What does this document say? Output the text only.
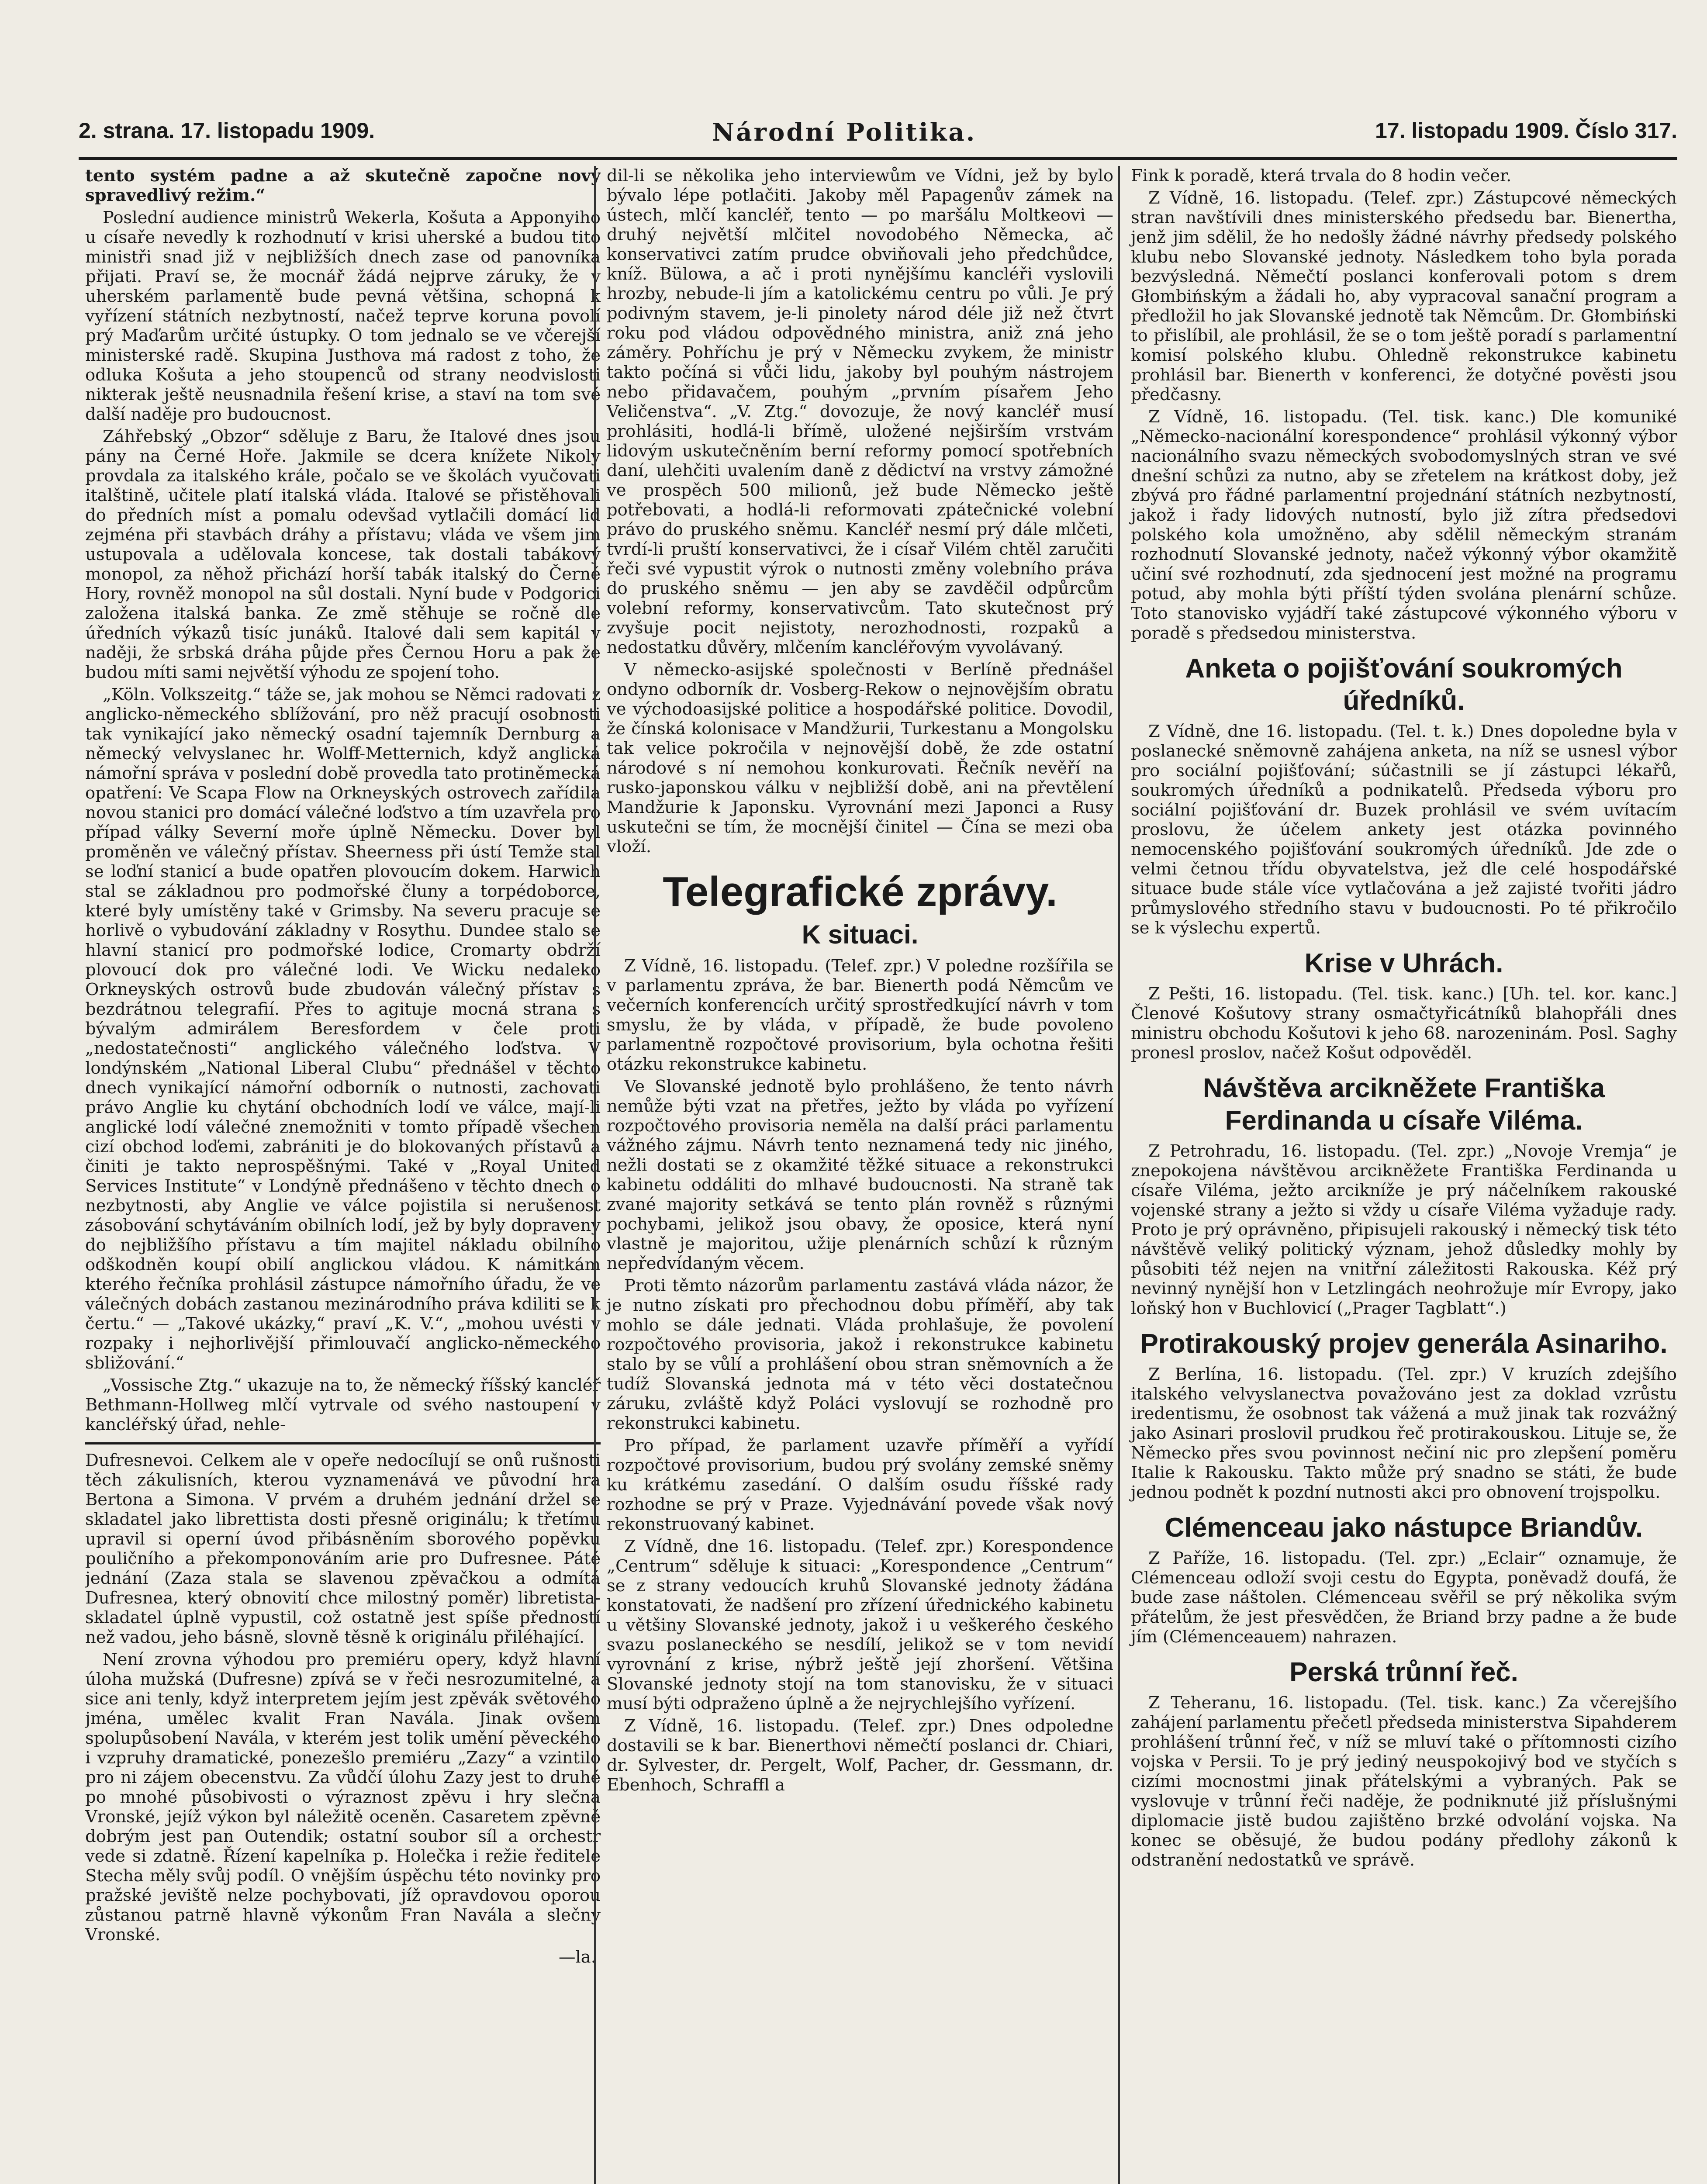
2. strana. 17. listopadu 1909.	Národní Politika.	17. listopadu 1909. Číslo 317.

tento systém padne a až skutečně započne nový spravedlivý režim.“

Poslední audience ministrů Wekerla, Košuta a Apponyiho u císaře nevedly k rozhodnutí v krisi uherské a budou tito ministři snad již v nejbližších dnech zase od panovníka přijati. Praví se, že mocnář žádá nejprve záruky, že v uherském parlamentě bude pevná většina, schopná k vyřízení státních nezbytností, načež teprve koruna povolí prý Maďarům určité ústupky. O tom jednalo se ve včerejší ministerské radě. Skupina Justhova má radost z toho, že odluka Košuta a jeho stoupenců od strany neodvislosti nikterak ještě neusnadnila řešení krise, a staví na tom své další naděje pro budoucnost.

Záhřebský „Obzor“ sděluje z Baru, že Italové dnes jsou pány na Černé Hoře. Jakmile se dcera knížete Nikoly provdala za italského krále, počalo se ve školách vyučovati italštině, učitele platí italská vláda. Italové se přistěhovali do předních míst a pomalu odevšad vytlačili domácí lid zejména při stavbách dráhy a přístavu; vláda ve všem jim ustupovala a udělovala koncese, tak dostali tabákový monopol, za něhož přichází horší tabák italský do Černé Hory, rovněž monopol na sůl dostali. Nyní bude v Podgorici založena italská banka. Ze změ stěhuje se ročně dle úředních výkazů tisíc junáků. Italové dali sem kapitál v naději, že srbská dráha půjde přes Černou Horu a pak že budou míti sami největší výhodu ze spojení toho.

„Köln. Volkszeitg.“ táže se, jak mohou se Němci radovati z anglicko-německého sblížování, pro něž pracují osobnosti tak vynikající jako německý osadní tajemník Dernburg a německý velvyslanec hr. Wolff-Metternich, když anglická námořní správa v poslední době provedla tato protiněmecká opatření: Ve Scapa Flow na Orkneyských ostrovech zařídila novou stanici pro domácí válečné loďstvo a tím uzavřela pro případ války Severní moře úplně Německu. Dover byl proměněn ve válečný přístav. Sheerness při ústí Temže stal se loďní stanicí a bude opatřen plovoucím dokem. Harwich stal se základnou pro podmořské čluny a torpédoborce, které byly umístěny také v Grimsby. Na severu pracuje se horlivě o vybudování základny v Rosythu. Dundee stalo se hlavní stanicí pro podmořské lodice, Cromarty obdrží plovoucí dok pro válečné lodi. Ve Wicku nedaleko Orkneyských ostrovů bude zbudován válečný přístav s bezdrátnou telegrafií. Přes to agituje mocná strana s bývalým admirálem Beresfordem v čele proti „nedostatečnosti“ anglického válečného loďstva. V londýnském „National Liberal Clubu“ přednášel v těchto dnech vynikající námořní odborník o nutnosti, zachovati právo Anglie ku chytání obchodních lodí ve válce, mají-li anglické lodí válečné znemožniti v tomto případě všechen cizí obchod loďemi, zabrániti je do blokovaných přístavů a činiti je takto neprospěšnými. Také v „Royal United Services Institute“ v Londýně přednášeno v těchto dnech o nezbytnosti, aby Anglie ve válce pojistila si nerušenost zásobování schytáváním obilních lodí, jež by byly dopraveny do nejbližšího přístavu a tím majitel nákladu obilního odškodněn koupí obilí anglickou vládou. K námitkám kterého řečníka prohlásil zástupce námořního úřadu, že ve válečných dobách zastanou mezinárodního práva kdiliti se k čertu.“ — „Takové ukázky,“ praví „K. V.“, „mohou uvésti v rozpaky i nejhorlivější přimlouvačí anglicko-německého sbližování.“

„Vossische Ztg.“ ukazuje na to, že německý říšský kancléř Bethmann-Hollweg mlčí vytrvale od svého nastoupení v kancléřský úřad, nehle-

Dufresnevoi. Celkem ale v opeře nedocílují se onů rušnosti těch zákulisních, kterou vyznamenává ve původní hra Bertona a Simona. V prvém a druhém jednání držel se skladatel jako librettista dosti přesně originálu; k třetímu upravil si operní úvod přibásněním sborového popěvku pouličního a překomponováním arie pro Dufresnee. Páté jednání (Zaza stala se slavenou zpěvačkou a odmítá Dufresnea, který obnovití chce milostný poměr) libretista-skladatel úplně vypustil, což ostatně jest spíše předností než vadou, jeho básně, slovně těsně k originálu přiléhající.

Není zrovna výhodou pro premiéru opery, když hlavní úloha mužská (Dufresne) zpívá se v řeči nesrozumitelné, a sice ani tenly, když interpretem jejím jest zpěvák světového jména, umělec kvalit Fran Navála. Jinak ovšem spolupůsobení Navála, v kterém jest tolik umění pěveckého i vzpruhy dramatické, ponezešlo premiéru „Zazy“ a vzintilo pro ni zájem obecenstvu. Za vůdčí úlohu Zazy jest to druhé po mnohé působivosti o výraznost zpěvu i hry slečna Vronské, jejíž výkon byl náležitě oceněn. Casaretem zpěvně dobrým jest pan Outendik; ostatní soubor síl a orchestr vede si zdatně. Řízení kapelníka p. Holečka i režie ředitele Stecha měly svůj podíl. O vnějším úspěchu této novinky pro pražské jeviště nelze pochybovati, jíž opravdovou oporou zůstanou patrně hlavně výkonům Fran Navála a slečny Vronské.

—la.

dil-li se několika jeho interviewům ve Vídni, jež by bylo bývalo lépe potlačiti. Jakoby měl Papagenův zámek na ústech, mlčí kancléř, tento — po maršálu Moltkeovi — druhý největší mlčitel novodobého Německa, ač konservativci zatím prudce obviňovali jeho předchůdce, kníž. Bülowa, a ač i proti nynějšímu kancléři vyslovili hrozby, nebude-li jím a katolickému centru po vůli. Je prý podivným stavem, je-li pinolety národ déle již než čtvrt roku pod vládou odpovědného ministra, aniž zná jeho záměry. Pohříchu je prý v Německu zvykem, že ministr takto počíná si vůči lidu, jakoby byl pouhým nástrojem nebo přidavačem, pouhým „prvním písařem Jeho Veličenstva“. „V. Ztg.“ dovozuje, že nový kancléř musí prohlásiti, hodlá-li břímě, uložené nejširším vrstvám lidovým uskutečněním berní reformy pomocí spotřebních daní, ulehčiti uvalením daně z dědictví na vrstvy zámožné ve prospěch 500 milionů, jež bude Německo ještě potřebovati, a hodlá-li reformovati zpátečnické volební právo do pruského sněmu. Kancléř nesmí prý dále mlčeti, tvrdí-li pruští konservativci, že i císař Vilém chtěl zaručiti řeči své vypustit výrok o nutnosti změny volebního práva do pruského sněmu — jen aby se zavděčil odpůrcům volební reformy, konservativcům. Tato skutečnost prý zvyšuje pocit nejistoty, nerozhodnosti, rozpaků a nedostatku důvěry, mlčením kancléřovým vyvolávaný.

V německo-asijské společnosti v Berlíně přednášel ondyno odborník dr. Vosberg-Rekow o nejnovějším obratu ve východoasijské politice a hospodářské politice. Dovodil, že čínská kolonisace v Mandžurii, Turkestanu a Mongolsku tak velice pokročila v nejnovější době, že zde ostatní národové s ní nemohou konkurovati. Řečník nevěří na rusko-japonskou válku v nejbližší době, ani na převtělení Mandžurie k Japonsku. Vyrovnání mezi Japonci a Rusy uskutečni se tím, že mocnější činitel — Čína se mezi oba vloží.

Telegrafické zprávy.
K situaci.

Z Vídně, 16. listopadu. (Telef. zpr.) V poledne rozšířila se v parlamentu zpráva, že bar. Bienerth podá Němcům ve večerních konferencích určitý sprostředkující návrh v tom smyslu, že by vláda, v případě, že bude povoleno parlamentně rozpočtové provisorium, byla ochotna řešiti otázku rekonstrukce kabinetu.

Ve Slovanské jednotě bylo prohlášeno, že tento návrh nemůže býti vzat na přetřes, ježto by vláda po vyřízení rozpočtového provisoria neměla na další práci parlamentu vážného zájmu. Návrh tento neznamená tedy nic jiného, nežli dostati se z okamžité těžké situace a rekonstrukci kabinetu oddáliti do mlhavé budoucnosti. Na straně tak zvané majority setkává se tento plán rovněž s různými pochybami, jelikož jsou obavy, že oposice, která nyní vlastně je majoritou, užije plenárních schůzí k různým nepředvídaným věcem.

Proti těmto názorům parlamentu zastává vláda názor, že je nutno získati pro přechodnou dobu příměří, aby tak mohlo se dále jednati. Vláda prohlašuje, že povolení rozpočtového provisoria, jakož i rekonstrukce kabinetu stalo by se vůlí a prohlášení obou stran sněmovních a že tudíž Slovanská jednota má v této věci dostatečnou záruku, zvláště když Poláci vyslovují se rozhodně pro rekonstrukci kabinetu.

Pro případ, že parlament uzavře příměří a vyřídí rozpočtové provisorium, budou prý svolány zemské sněmy ku krátkému zasedání. O dalším osudu říšské rady rozhodne se prý v Praze. Vyjednávání povede však nový rekonstruovaný kabinet.

Z Vídně, dne 16. listopadu. (Telef. zpr.) Korespondence „Centrum“ sděluje k situaci: „Korespondence „Centrum“ se z strany vedoucích kruhů Slovanské jednoty žádána konstatovati, že nadšení pro zřízení úřednického kabinetu u většiny Slovanské jednoty, jakož i u veškerého českého svazu poslaneckého se nesdílí, jelikož se v tom nevidí vyrovnání z krise, nýbrž ještě její zhoršení. Většina Slovanské jednoty stojí na tom stanovisku, že v situaci musí býti odpraženo úplně a že nejrychlejšího vyřízení.

Z Vídně, 16. listopadu. (Telef. zpr.) Dnes odpoledne dostavili se k bar. Bienerthovi němečtí poslanci dr. Chiari, dr. Sylvester, dr. Pergelt, Wolf, Pacher, dr. Gessmann, dr. Ebenhoch, Schraffl a

Fink k poradě, která trvala do 8 hodin večer.

Z Vídně, 16. listopadu. (Telef. zpr.) Zástupcové německých stran navštívili dnes ministerského předsedu bar. Bienertha, jenž jim sdělil, že ho nedošly žádné návrhy předsedy polského klubu nebo Slovanské jednoty. Následkem toho byla porada bezvýsledná. Němečtí poslanci konferovali potom s drem Głombińským a žádali ho, aby vypracoval sanační program a předložil ho jak Slovanské jednotě tak Němcům. Dr. Głombiński to přislíbil, ale prohlásil, že se o tom ještě poradí s parlamentní komisí polského klubu. Ohledně rekonstrukce kabinetu prohlásil bar. Bienerth v konferenci, že dotyčné pověsti jsou předčasny.

Z Vídně, 16. listopadu. (Tel. tisk. kanc.) Dle komuniké „Německo-nacionální korespondence“ prohlásil výkonný výbor nacionálního svazu německých svobodomyslných stran ve své dnešní schůzi za nutno, aby se zřetelem na krátkost doby, jež zbývá pro řádné parlamentní projednání státních nezbytností, jakož i řady lidových nutností, bylo již zítra předsedovi polského kola umožněno, aby sdělil německým stranám rozhodnutí Slovanské jednoty, načež výkonný výbor okamžitě učiní své rozhodnutí, zda sjednocení jest možné na programu potud, aby mohla býti příští týden svolána plenární schůze. Toto stanovisko vyjádří také zástupcové výkonného výboru v poradě s předsedou ministerstva.

Anketa o pojišťování soukromých úředníků.

Z Vídně, dne 16. listopadu. (Tel. t. k.) Dnes dopoledne byla v poslanecké sněmovně zahájena anketa, na níž se usnesl výbor pro sociální pojišťování; súčastnili se jí zástupci lékařů, soukromých úředníků a podnikatelů. Předseda výboru pro sociální pojišťování dr. Buzek prohlásil ve svém uvítacím proslovu, že účelem ankety jest otázka povinného nemocenského pojišťování soukromých úředníků. Jde zde o velmi četnou třídu obyvatelstva, jež dle celé hospodářské situace bude stále více vytlačována a jež zajisté tvořiti jádro průmyslového středního stavu v budoucnosti. Po té přikročilo se k výslechu expertů.

Krise v Uhrách.

Z Pešti, 16. listopadu. (Tel. tisk. kanc.) [Uh. tel. kor. kanc.] Členové Košutovy strany osmačtyřicátníků blahopřáli dnes ministru obchodu Košutovi k jeho 68. narozeninám. Posl. Saghy pronesl proslov, načež Košut odpověděl.

Návštěva arcikněžete Františka Ferdinanda u císaře Viléma.

Z Petrohradu, 16. listopadu. (Tel. zpr.) „Novoje Vremja“ je znepokojena návštěvou arcikněžete Františka Ferdinanda u císaře Viléma, ježto arcikníže je prý náčelníkem rakouské vojenské strany a ježto si vždy u císaře Viléma vyžaduje rady. Proto je prý oprávněno, připisujeli rakouský i německý tisk této návštěvě veliký politický význam, jehož důsledky mohly by působiti též nejen na vnitřní záležitosti Rakouska. Kéž prý nevinný nynější hon v Letzlingách neohrožuje mír Evropy, jako loňský hon v Buchlovicí („Prager Tagblatt“.)

Protirakouský projev generála Asinariho.

Z Berlína, 16. listopadu. (Tel. zpr.) V kruzích zdejšího italského velvyslanectva považováno jest za doklad vzrůstu iredentismu, že osobnost tak vážená a muž jinak tak rozvážný jako Asinari proslovil prudkou řeč protirakouskou. Lituje se, že Německo přes svou povinnost nečiní nic pro zlepšení poměru Italie k Rakousku. Takto může prý snadno se státi, že bude jednou podnět k pozdní nutnosti akci pro obnovení trojspolku.

Clémenceau jako nástupce Briandův.

Z Paříže, 16. listopadu. (Tel. zpr.) „Eclair“ oznamuje, že Clémenceau odloží svoji cestu do Egypta, poněvadž doufá, že bude zase náštolen. Clémenceau svěřil se prý několika svým přátelům, že jest přesvědčen, že Briand brzy padne a že bude jím (Clémenceauem) nahrazen.

Perská trůnní řeč.

Z Teheranu, 16. listopadu. (Tel. tisk. kanc.) Za včerejšího zahájení parlamentu přečetl předseda ministerstva Sipahderem prohlášení trůnní řeč, v níž se mluví také o přítomnosti cizího vojska v Persii. To je prý jediný neuspokojivý bod ve styčích s cizími mocnostmi jinak přátelskými a vybraných. Pak se vyslovuje v trůnní řeči naděje, že podniknuté již příslušnými diplomacie jistě budou zajištěno brzké odvolání vojska. Na konec se oběsujé, že budou podány předlohy zákonů k odstranění nedostatků ve správě.
